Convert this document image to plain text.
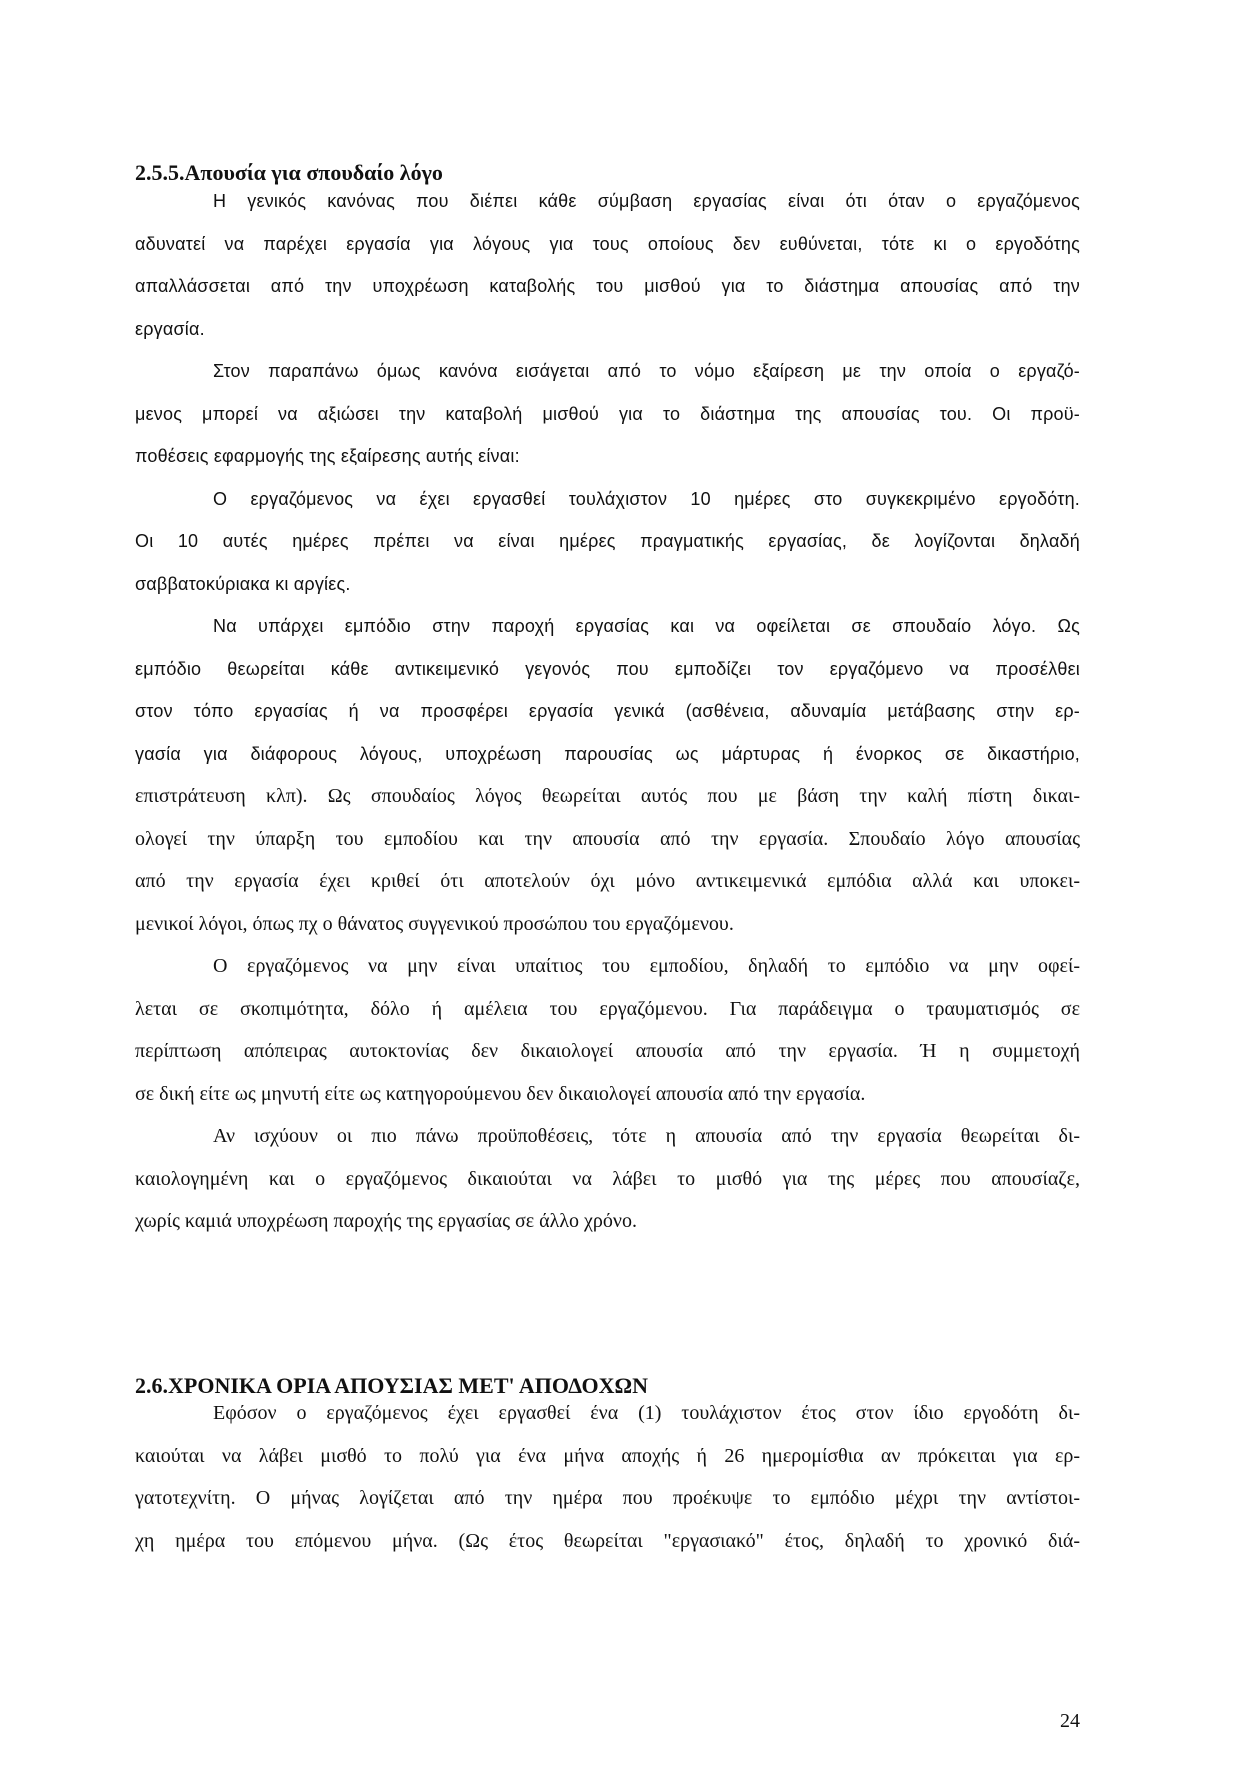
2.5.5.Απουσία για σπουδαίο λόγο
Η γενικός κανόνας που διέπει κάθε σύμβαση εργασίας είναι ότι όταν ο εργαζόμενος
αδυνατεί να παρέχει εργασία για λόγους για τους οποίους δεν ευθύνεται, τότε κι ο εργοδότης
απαλλάσσεται από την υποχρέωση καταβολής του μισθού για το διάστημα απουσίας από την
εργασία.
Στον παραπάνω όμως κανόνα εισάγεται από το νόμο εξαίρεση με την οποία ο εργαζό-
μενος μπορεί να αξιώσει την καταβολή μισθού για το διάστημα της απουσίας του. Οι προϋ-
ποθέσεις εφαρμογής της εξαίρεσης αυτής είναι:
Ο εργαζόμενος να έχει εργασθεί τουλάχιστον 10 ημέρες στο συγκεκριμένο εργοδότη.
Οι 10 αυτές ημέρες πρέπει να είναι ημέρες πραγματικής εργασίας, δε λογίζονται δηλαδή
σαββατοκύριακα κι αργίες.
Να υπάρχει εμπόδιο στην παροχή εργασίας και να οφείλεται σε σπουδαίο λόγο. Ως
εμπόδιο θεωρείται κάθε αντικειμενικό γεγονός που εμποδίζει τον εργαζόμενο να προσέλθει
στον τόπο εργασίας ή να προσφέρει εργασία γενικά (ασθένεια, αδυναμία μετάβασης στην ερ-
γασία για διάφορους λόγους, υποχρέωση παρουσίας ως μάρτυρας ή ένορκος σε δικαστήριο,
επιστράτευση κλπ). Ως σπουδαίος λόγος θεωρείται αυτός που με βάση την καλή πίστη δικαι-
ολογεί την ύπαρξη του εμποδίου και την απουσία από την εργασία. Σπουδαίο λόγο απουσίας
από την εργασία έχει κριθεί ότι αποτελούν όχι μόνο αντικειμενικά εμπόδια αλλά και υποκει-
μενικοί λόγοι, όπως πχ ο θάνατος συγγενικού προσώπου του εργαζόμενου.
Ο εργαζόμενος να μην είναι υπαίτιος του εμποδίου, δηλαδή το εμπόδιο να μην οφεί-
λεται σε σκοπιμότητα, δόλο ή αμέλεια του εργαζόμενου. Για παράδειγμα ο τραυματισμός σε
περίπτωση απόπειρας αυτοκτονίας δεν δικαιολογεί απουσία από την εργασία. Ή η συμμετοχή
σε δική είτε ως μηνυτή είτε ως κατηγορούμενου δεν δικαιολογεί απουσία από την εργασία.
Αν ισχύουν οι πιο πάνω προϋποθέσεις, τότε η απουσία από την εργασία θεωρείται δι-
καιολογημένη και ο εργαζόμενος δικαιούται να λάβει το μισθό για της μέρες που απουσίαζε,
χωρίς καμιά υποχρέωση παροχής της εργασίας σε άλλο χρόνο.
2.6.ΧΡΟΝΙΚΑ ΟΡΙΑ ΑΠΟΥΣΙΑΣ ΜΕΤ' ΑΠΟΔΟΧΩΝ
Εφόσον ο εργαζόμενος έχει εργασθεί ένα (1) τουλάχιστον έτος στον ίδιο εργοδότη δι-
καιούται να λάβει μισθό το πολύ για ένα μήνα αποχής ή 26 ημερομίσθια αν πρόκειται για ερ-
γατοτεχνίτη. Ο μήνας λογίζεται από την ημέρα που προέκυψε το εμπόδιο μέχρι την αντίστοι-
χη ημέρα του επόμενου μήνα. (Ως έτος θεωρείται "εργασιακό" έτος, δηλαδή το χρονικό διά-
24
